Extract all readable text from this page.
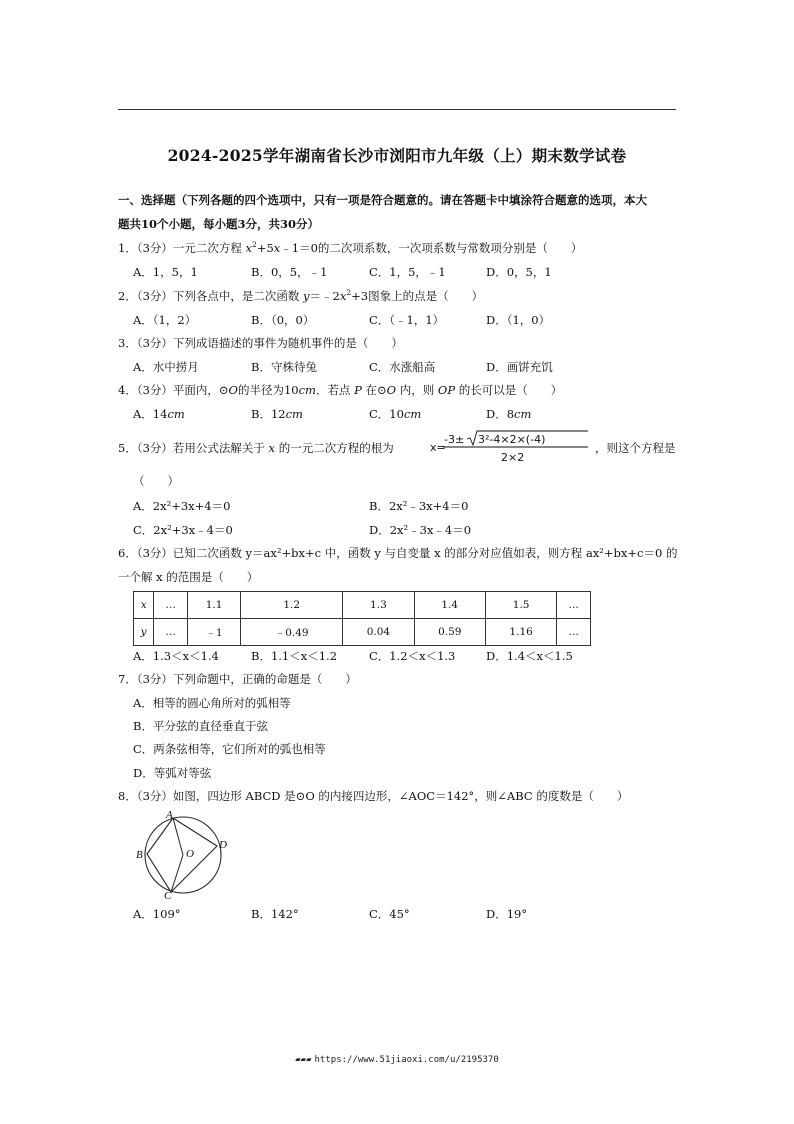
2024-2025学年湖南省长沙市浏阳市九年级（上）期末数学试卷
一、选择题（下列各题的四个选项中，只有一项是符合题意的。请在答题卡中填涂符合题意的选项，本大
题共10个小题，每小题3分，共30分）
1．（3分）一元二次方程 $x^2+5x﹣1=0$的二次项系数，一次项系数与常数项分别是（　　）
A．1，5，1	B．0，5，﹣1	C．1，5，﹣1	D．0，5，1
2．（3分）下列各点中，是二次函数 $y=﹣2x^2+3$图象上的点是（　　）
A．（1，2）	B．（0，0）	C．（﹣1，1）	D．（1，0）
3．（3分）下列成语描述的事件为随机事件的是（　　）
A．水中捞月	B．守株待兔	C．水涨船高	D．画饼充饥
4．（3分）平面内，⊙O的半径为10cm．若点 P 在⊙O 内，则 OP 的长可以是（　　）
A．14cm	B．12cm	C．10cm	D．8cm
5．（3分）若用公式法解关于 x 的一元二次方程的根为	x=
-3± 3²-4×2×(-4)
2×2
，则这个方程是
（　　）
A．2x²+3x+4＝0	B．2x²﹣3x+4＝0
C．2x²+3x﹣4＝0	D．2x²﹣3x﹣4＝0
6．（3分）已知二次函数 y＝ax²+bx+c 中，函数 y 与自变量 x 的部分对应值如表，则方程 ax²+bx+c＝0 的
一个解 x 的范围是（　　）
x	…	1.1	1.2	1.3	1.4	1.5	…
y	…	﹣1	﹣0.49	0.04	0.59	1.16	…
A．1.3＜x＜1.4	B．1.1＜x＜1.2	C．1.2＜x＜1.3	D．1.4＜x＜1.5
7．（3分）下列命题中，正确的命题是（　　）
A．相等的圆心角所对的弧相等
B．平分弦的直径垂直于弦
C．两条弦相等，它们所对的弧也相等
D．等弧对等弦
8．（3分）如图，四边形 ABCD 是⊙O 的内接四边形，∠AOC＝142°，则∠ABC 的度数是（　　）
A
B
C
D
O
A．109°	B．142°	C．45°	D．19°
▰▰▰ https://www.51jiaoxi.com/u/2195370
